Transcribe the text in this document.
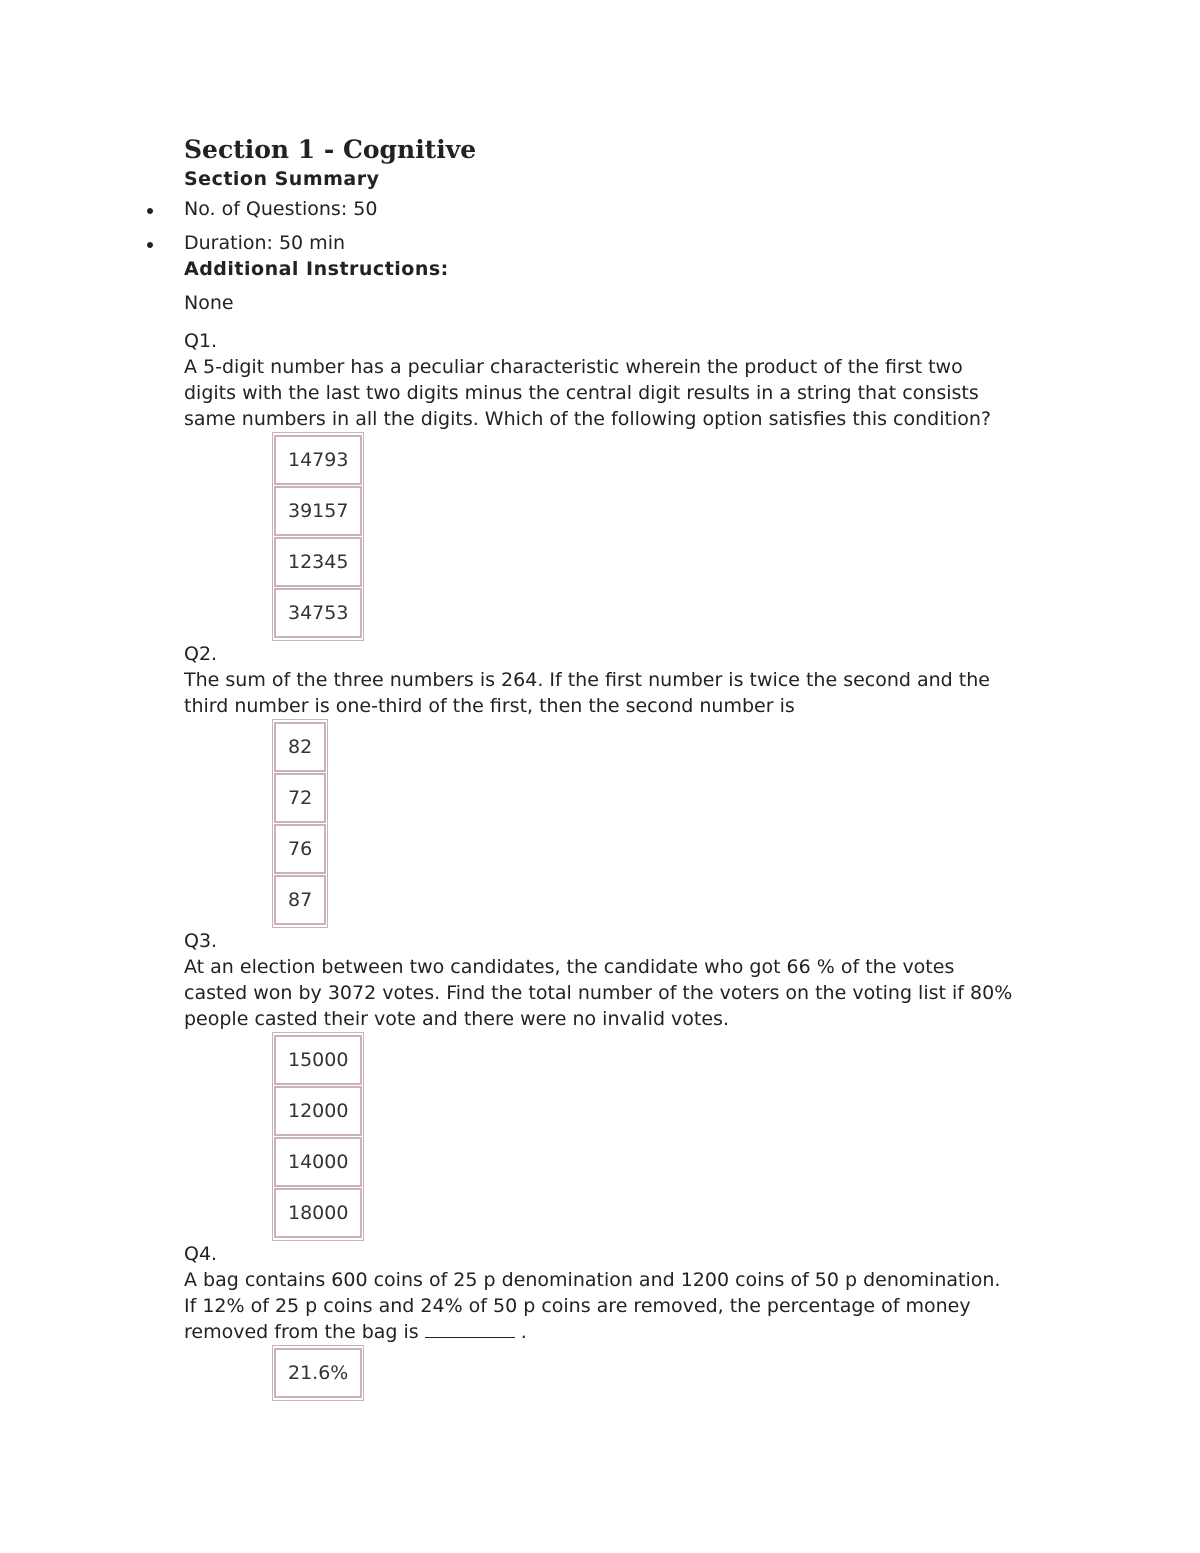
Section 1 - Cognitive
Section Summary
No. of Questions: 50
Duration: 50 min
Additional Instructions:
None
Q1.
A 5-digit number has a peculiar characteristic wherein the product of the first two digits with the last two digits minus the central digit results in a string that consists same numbers in all the digits. Which of the following option satisfies this condition?
14793
39157
12345
34753
Q2.
The sum of the three numbers is 264. If the first number is twice the second and the third number is one-third of the first, then the second number is
82
72
76
87
Q3.
At an election between two candidates, the candidate who got 66 % of the votes casted won by 3072 votes. Find the total number of the voters on the voting list if 80% people casted their vote and there were no invalid votes.
15000
12000
14000
18000
Q4.
A bag contains 600 coins of 25 p denomination and 1200 coins of 50 p denomination. If 12% of 25 p coins and 24% of 50 p coins are removed, the percentage of money removed from the bag is	.
21.6%
